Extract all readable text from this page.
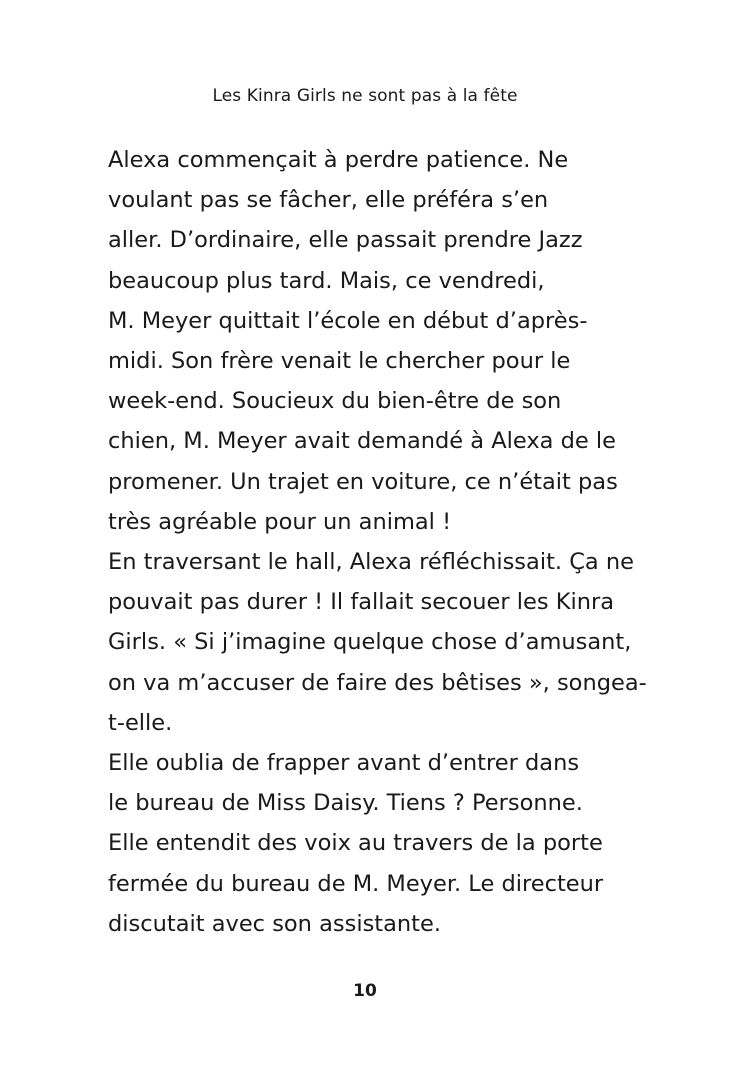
Les Kinra Girls ne sont pas à la fête
Alexa commençait à perdre patience. Ne
voulant pas se fâcher, elle préféra s’en
aller. D’ordinaire, elle passait prendre Jazz
beaucoup plus tard. Mais, ce vendredi,
M. Meyer quittait l’école en début d’après-
midi. Son frère venait le chercher pour le
week-end. Soucieux du bien-être de son
chien, M. Meyer avait demandé à Alexa de le
promener. Un trajet en voiture, ce n’était pas
très agréable pour un animal !
En traversant le hall, Alexa réfléchissait. Ça ne
pouvait pas durer ! Il fallait secouer les Kinra
Girls. « Si j’imagine quelque chose d’amusant,
on va m’accuser de faire des bêtises », songea-
t-elle.
Elle oublia de frapper avant d’entrer dans
le bureau de Miss Daisy. Tiens ? Personne.
Elle entendit des voix au travers de la porte
fermée du bureau de M. Meyer. Le directeur
discutait avec son assistante.
10
